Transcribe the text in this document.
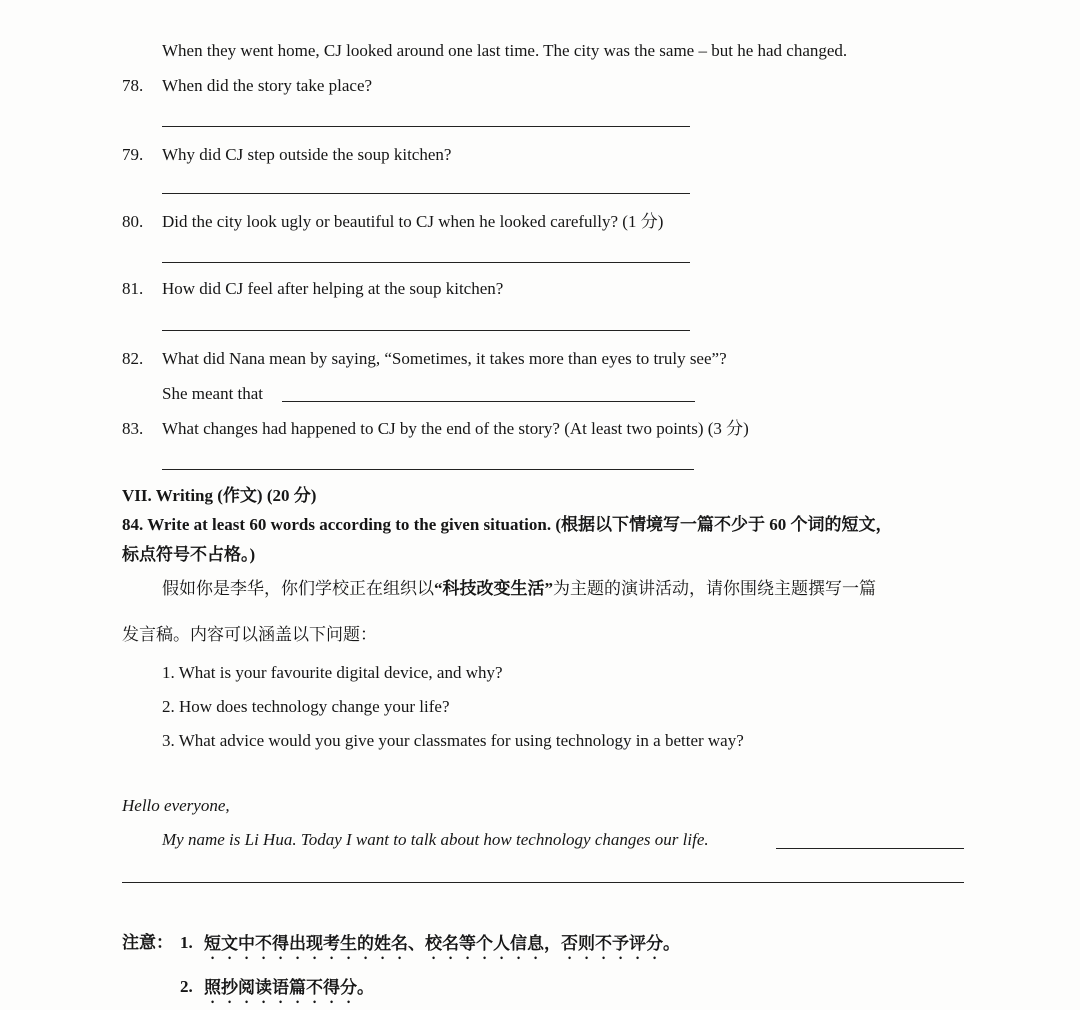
When they went home, CJ looked around one last time. The city was the same – but he had changed.
78. When did the story take place?
79. Why did CJ step outside the soup kitchen?
80. Did the city look ugly or beautiful to CJ when he looked carefully? (1 分)
81. How did CJ feel after helping at the soup kitchen?
82. What did Nana mean by saying, “Sometimes, it takes more than eyes to truly see”?
She meant that
83. What changes had happened to CJ by the end of the story? (At least two points) (3 分)
VII. Writing (作文) (20 分)
84. Write at least 60 words according to the given situation. (根据以下情境写一篇不少于 60 个词的短文，
标点符号不占格。)
假如你是李华，你们学校正在组织以“科技改变生活”为主题的演讲活动，请你围绕主题撰写一篇
发言稿。内容可以涵盖以下问题：
1. What is your favourite digital device, and why?
2. How does technology change your life?
3. What advice would you give your classmates for using technology in a better way?
Hello everyone,
My name is Li Hua. Today I want to talk about how technology changes our life.
注意： 1. 短文中不得出现考生的姓名、校名等个人信息，否则不予评分。
2. 照抄阅读语篇不得分。
